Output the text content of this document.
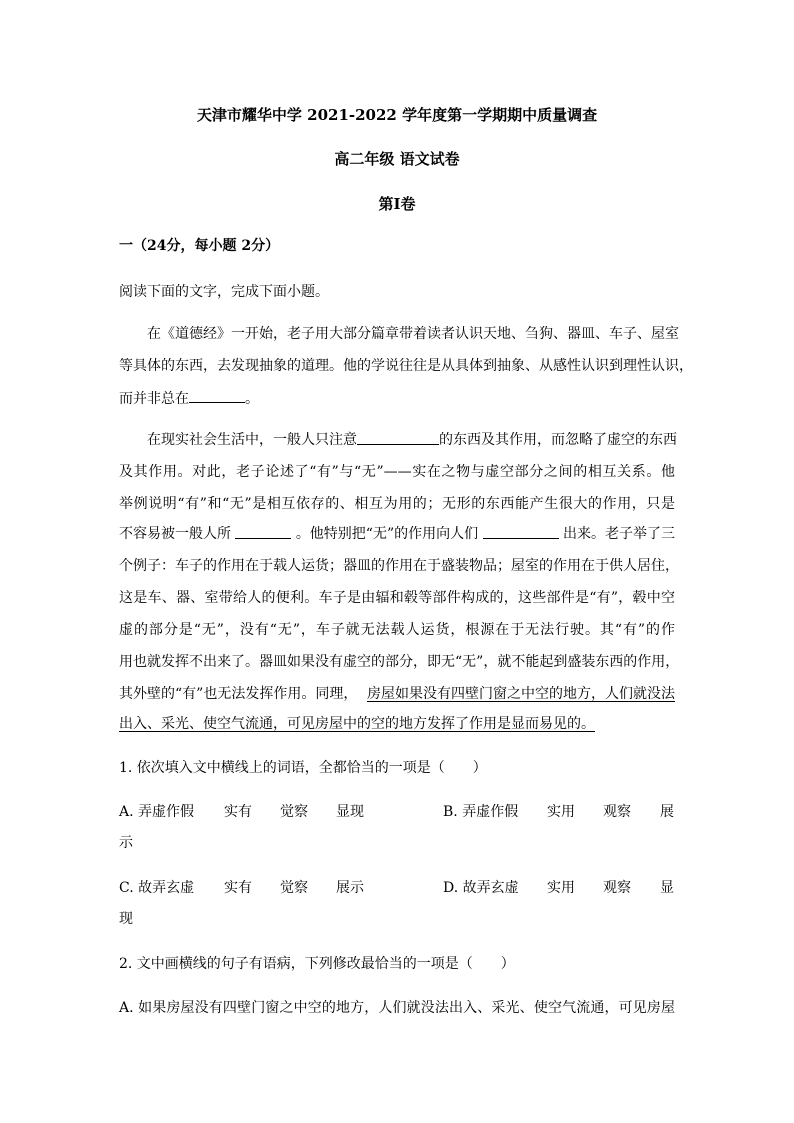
天津市耀华中学 2021-2022 学年度第一学期期中质量调查
高二年级 语文试卷
第Ⅰ卷
一（24分，每小题 2分）
阅读下面的文字，完成下面小题。
在《道德经》一开始，老子用大部分篇章带着读者认识天地、刍狗、器皿、车子、屋室
等具体的东西，去发现抽象的道理。他的学说往往是从具体到抽象、从感性认识到理性认识，
而并非总在	。
在现实社会生活中，一般人只注意	的东西及其作用，而忽略了虚空的东西
及其作用。对此，老子论述了“有”与“无”——实在之物与虚空部分之间的相互关系。他
举例说明“有”和“无”是相互依存的、相互为用的；无形的东西能产生很大的作用，只是
不容易被一般人所	。他特别把“无”的作用向人们	出来。老子举了三
个例子：车子的作用在于载人运货；器皿的作用在于盛装物品；屋室的作用在于供人居住，
这是车、器、室带给人的便利。车子是由辐和毂等部件构成的，这些部件是“有”，毂中空
虚的部分是“无”，没有“无”，车子就无法载人运货，根源在于无法行驶。其“有”的作
用也就发挥不出来了。器皿如果没有虚空的部分，即无“无”，就不能起到盛装东西的作用，
其外壁的“有”也无法发挥作用。同理， 房屋如果没有四壁门窗之中空的地方，人们就没法
出入、采光、使空气流通，可见房屋中的空的地方发挥了作用是显而易见的。
1. 依次填入文中横线上的词语，全都恰当的一项是（　　）
A. 弄虚作假 实有 觉察 显现	B. 弄虚作假 实用 观察 展
示
C. 故弄玄虚 实有 觉察 展示	D. 故弄玄虚 实用 观察 显
现
2. 文中画横线的句子有语病，下列修改最恰当的一项是（　　）
A. 如果房屋没有四壁门窗之中空的地方，人们就没法出入、采光、使空气流通，可见房屋
